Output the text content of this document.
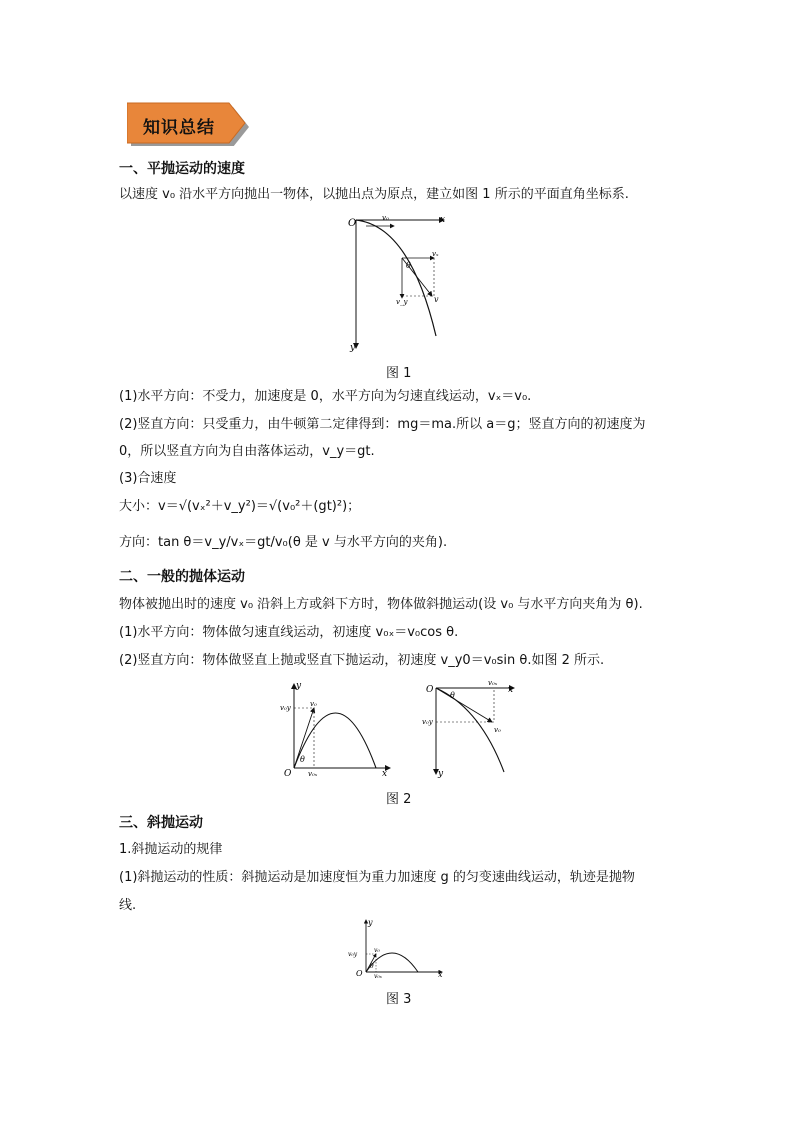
知识总结
一、平抛运动的速度
以速度 v₀ 沿水平方向抛出一物体，以抛出点为原点，建立如图 1 所示的平面直角坐标系.
O	x
y
v₀
vₓ
v_y	v
θ
图 1
(1)水平方向：不受力，加速度是 0，水平方向为匀速直线运动，vₓ＝v₀.
(2)竖直方向：只受重力，由牛顿第二定律得到：mg＝ma.所以 a＝g；竖直方向的初速度为
0，所以竖直方向为自由落体运动，v_y＝gt.
(3)合速度
大小：v＝√(vₓ²＋v_y²)＝√(v₀²＋(gt)²)；
方向：tan θ＝v_y/vₓ＝gt/v₀(θ 是 v 与水平方向的夹角).
二、一般的抛体运动
物体被抛出时的速度 v₀ 沿斜上方或斜下方时，物体做斜抛运动(设 v₀ 与水平方向夹角为 θ).
(1)水平方向：物体做匀速直线运动，初速度 v₀ₓ＝v₀cos θ.
(2)竖直方向：物体做竖直上抛或竖直下抛运动，初速度 v_y0＝v₀sin θ.如图 2 所示.
O	x
y
v₀
v₀y
v₀ₓ
θ
O	x
y
v₀ₓ
v₀y
v₀
θ
图 2
三、斜抛运动
1.斜抛运动的规律
(1)斜抛运动的性质：斜抛运动是加速度恒为重力加速度 g 的匀变速曲线运动，轨迹是抛物
线.
O	x
y
v₀
v₀y
v₀ₓ
θ
图 3
